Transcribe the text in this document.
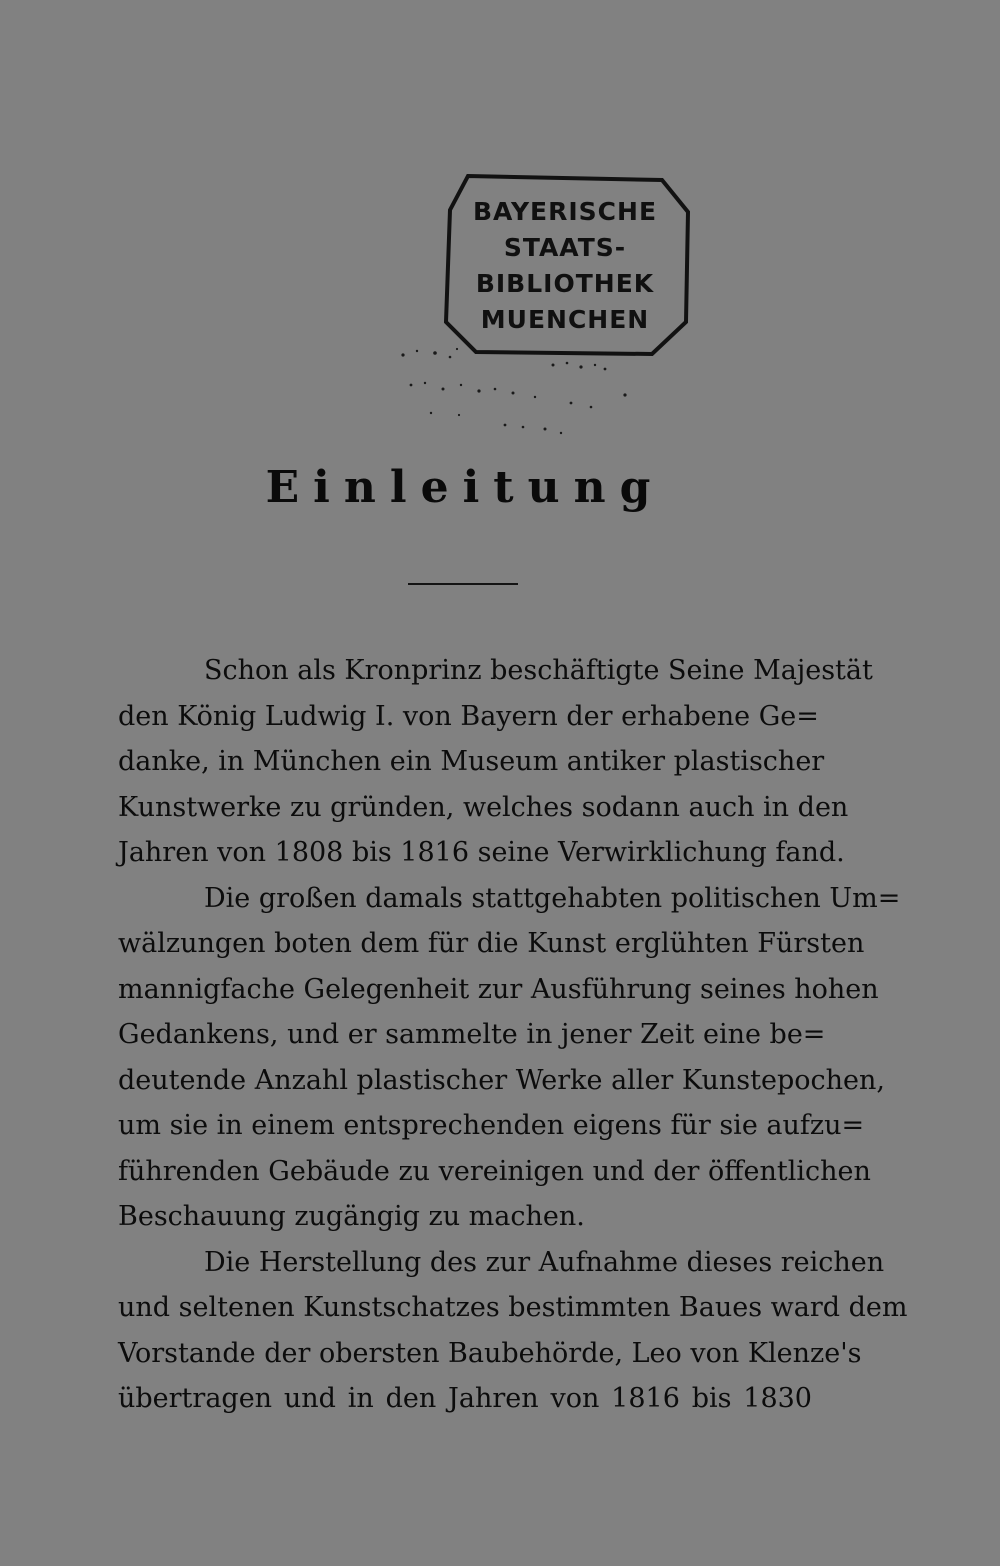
BAYERISCHE
STAATS-
BIBLIOTHEK
MUENCHEN
Einleitung
Schon als Kronprinz beschäftigte Seine Majestät
den König Ludwig I. von Bayern der erhabene Ge=
danke, in München ein Museum antiker plastischer
Kunstwerke zu gründen, welches sodann auch in den
Jahren von 1808 bis 1816 seine Verwirklichung fand.
Die großen damals stattgehabten politischen Um=
wälzungen boten dem für die Kunst erglühten Fürsten
mannigfache Gelegenheit zur Ausführung seines hohen
Gedankens, und er sammelte in jener Zeit eine be=
deutende Anzahl plastischer Werke aller Kunstepochen,
um sie in einem entsprechenden eigens für sie aufzu=
führenden Gebäude zu vereinigen und der öffentlichen
Beschauung zugängig zu machen.
Die Herstellung des zur Aufnahme dieses reichen
und seltenen Kunstschatzes bestimmten Baues ward dem
Vorstande der obersten Baubehörde, Leo von Klenze's
übertragen und in den Jahren von 1816 bis 1830
